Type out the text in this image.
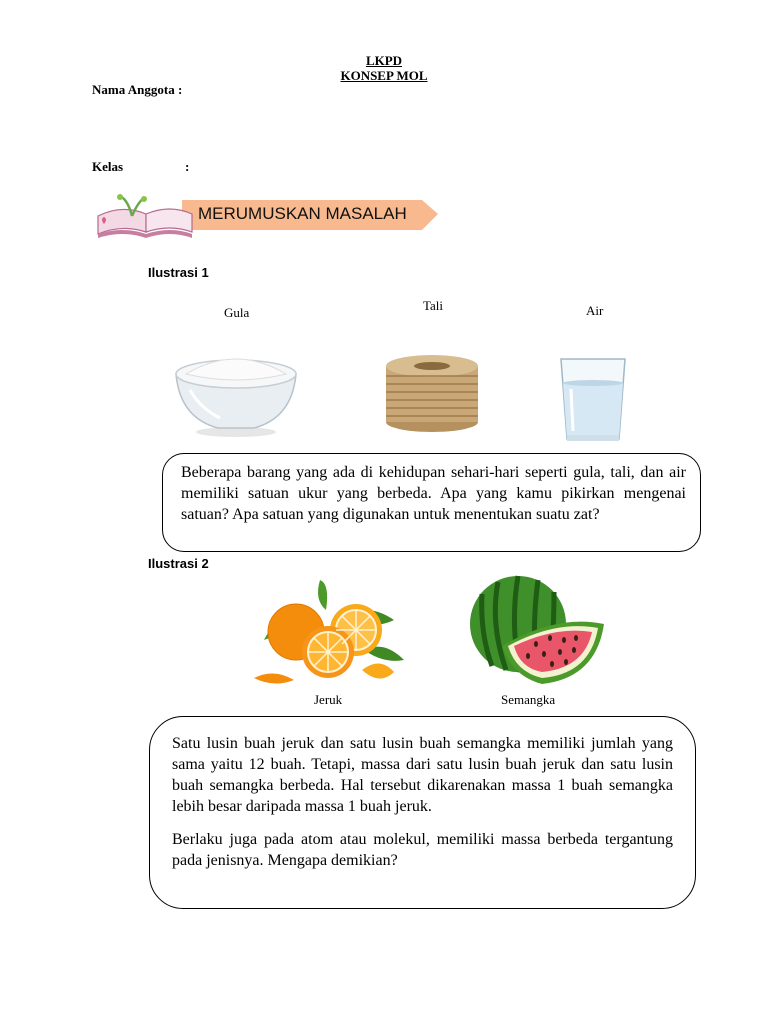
LKPD
KONSEP MOL
Nama Anggota :
Kelas	:
MERUMUSKAN MASALAH
Ilustrasi 1
Gula	Tali	Air

Beberapa barang yang ada di kehidupan sehari-hari seperti gula, tali, dan air memiliki satuan ukur yang berbeda. Apa yang kamu pikirkan mengenai satuan? Apa satuan yang digunakan untuk menentukan suatu zat?

Ilustrasi 2
Jeruk	Semangka

Satu lusin buah jeruk dan satu lusin buah semangka memiliki jumlah yang sama yaitu 12 buah. Tetapi, massa dari satu lusin buah jeruk dan satu lusin buah semangka berbeda. Hal tersebut dikarenakan massa 1 buah semangka lebih besar daripada massa 1 buah jeruk.

Berlaku juga pada atom atau molekul, memiliki massa berbeda tergantung pada jenisnya. Mengapa demikian?
